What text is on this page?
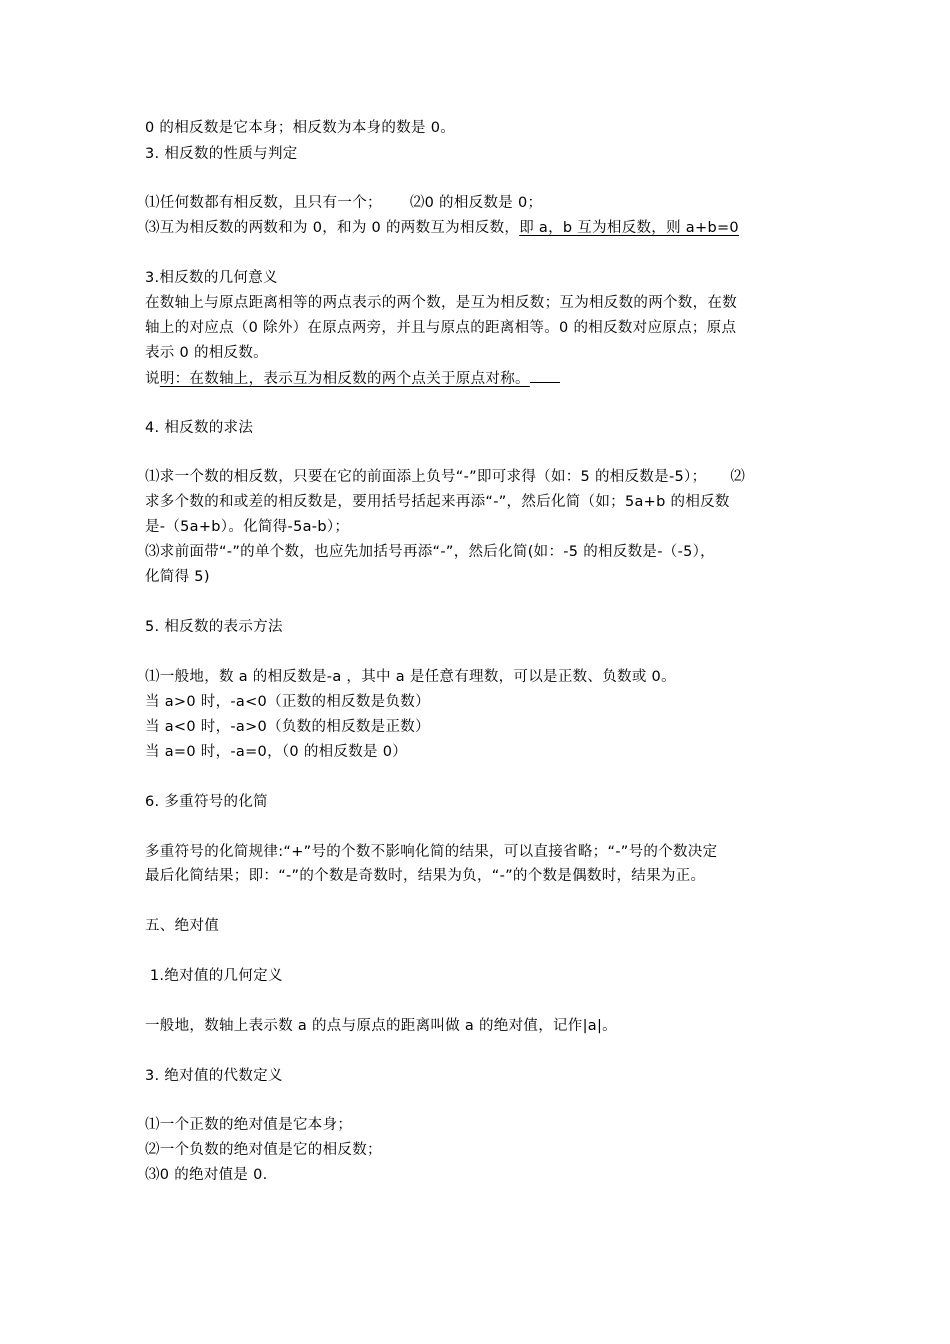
0 的相反数是它本身；相反数为本身的数是 0。
3. 相反数的性质与判定
⑴任何数都有相反数，且只有一个； ⑵0 的相反数是 0；
⑶互为相反数的两数和为 0，和为 0 的两数互为相反数，即 a，b 互为相反数，则 a+b=0
3.相反数的几何意义
在数轴上与原点距离相等的两点表示的两个数，是互为相反数；互为相反数的两个数，在数
轴上的对应点（0 除外）在原点两旁，并且与原点的距离相等。0 的相反数对应原点；原点
表示 0 的相反数。
说明：在数轴上，表示互为相反数的两个点关于原点对称。
4. 相反数的求法
⑴求一个数的相反数，只要在它的前面添上负号“-”即可求得（如：5 的相反数是-5）； ⑵
求多个数的和或差的相反数是，要用括号括起来再添“-”，然后化简（如；5a+b 的相反数
是-（5a+b）。化简得-5a-b）；
⑶求前面带“-”的单个数，也应先加括号再添“-”，然后化简(如：-5 的相反数是-（-5），
化简得 5)
5. 相反数的表示方法
⑴一般地，数 a 的相反数是-a ，其中 a 是任意有理数，可以是正数、负数或 0。
当 a>0 时，-a<0（正数的相反数是负数）
当 a<0 时，-a>0（负数的相反数是正数）
当 a=0 时，-a=0，（0 的相反数是 0）
6. 多重符号的化简
多重符号的化简规律:“+”号的个数不影响化简的结果，可以直接省略；“-”号的个数决定
最后化简结果；即：“-”的个数是奇数时，结果为负，“-”的个数是偶数时，结果为正。
五、绝对值
1.绝对值的几何定义
一般地，数轴上表示数 a 的点与原点的距离叫做 a 的绝对值，记作|a|。
3. 绝对值的代数定义
⑴一个正数的绝对值是它本身；
⑵一个负数的绝对值是它的相反数；
⑶0 的绝对值是 0.
